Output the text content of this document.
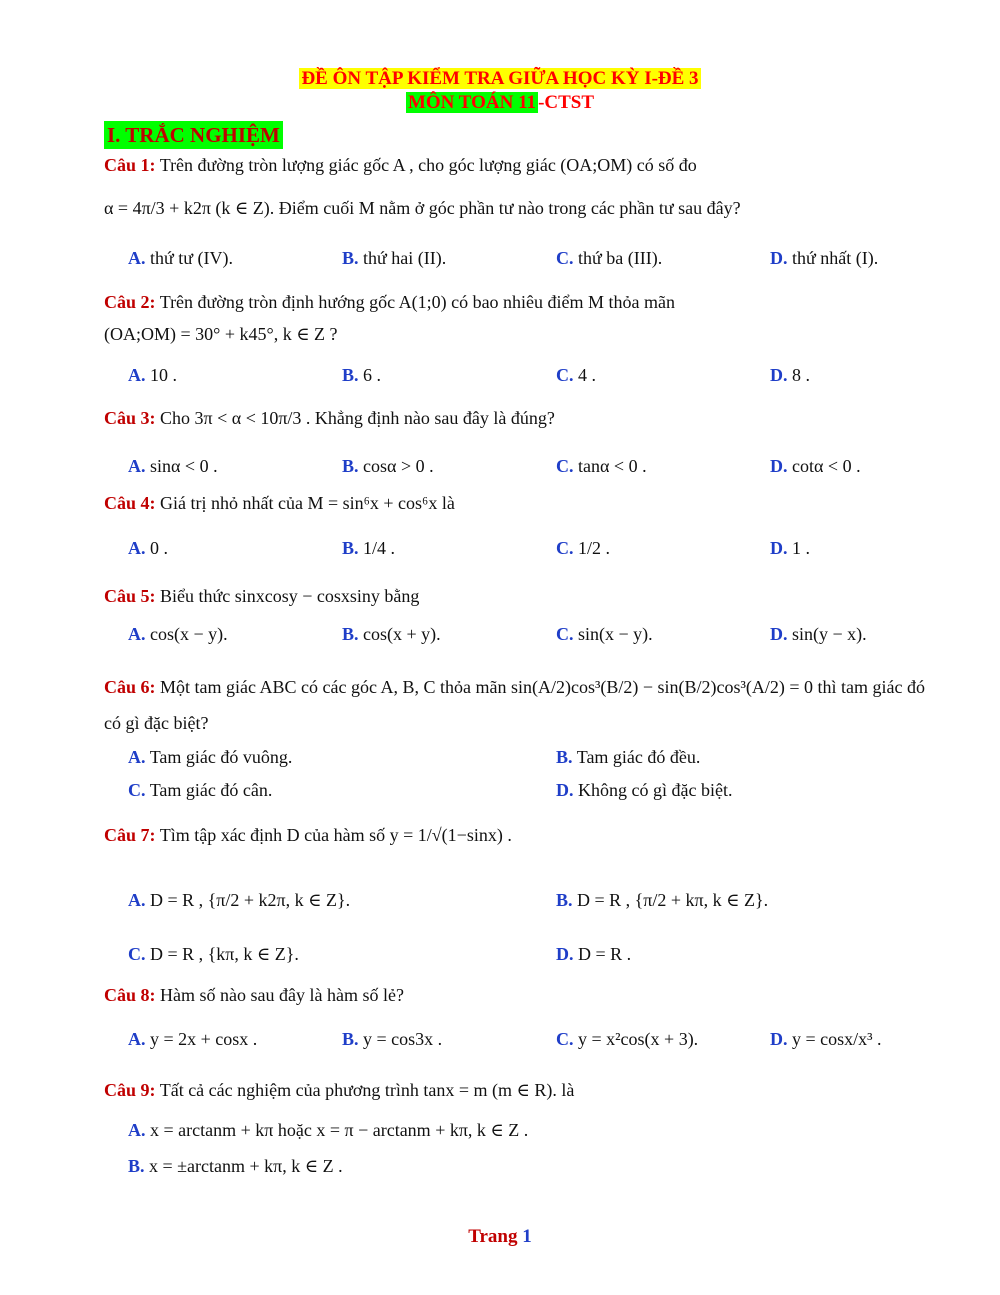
ĐỀ ÔN TẬP KIỂM TRA GIỮA HỌC KỲ I-ĐỀ 3
MÔN TOÁN 11 -CTST
I. TRẮC NGHIỆM
Câu 1: Trên đường tròn lượng giác gốc A , cho góc lượng giác (OA;OM) có số đo
α = 4π/3 + k2π (k ∈ Z). Điểm cuối M nằm ở góc phần tư nào trong các phần tư sau đây?
A. thứ tư (IV).	B. thứ hai (II).	C. thứ ba (III).	D. thứ nhất (I).
Câu 2: Trên đường tròn định hướng gốc A(1;0) có bao nhiêu điểm M thỏa mãn
(OA;OM) = 30° + k45°, k ∈ Z ?
A. 10 .	B. 6 .	C. 4 .	D. 8 .
Câu 3: Cho 3π < α < 10π/3 . Khẳng định nào sau đây là đúng?
A. sinα < 0 .	B. cosα > 0 .	C. tanα < 0 .	D. cotα < 0 .
Câu 4: Giá trị nhỏ nhất của M = sin⁶x + cos⁶x là
A. 0 .	B. 1/4 .	C. 1/2 .	D. 1 .
Câu 5: Biểu thức sinxcosy − cosxsiny bằng
A. cos(x − y).	B. cos(x + y).	C. sin(x − y).	D. sin(y − x).
Câu 6: Một tam giác ABC có các góc A, B, C thỏa mãn sin(A/2)cos³(B/2) − sin(B/2)cos³(A/2) = 0 thì tam giác đó
có gì đặc biệt?
A. Tam giác đó vuông.	B. Tam giác đó đều.
C. Tam giác đó cân.	D. Không có gì đặc biệt.
Câu 7: Tìm tập xác định D của hàm số y = 1/√(1−sinx) .
A. D = R , {π/2 + k2π, k ∈ Z}.	B. D = R , {π/2 + kπ, k ∈ Z}.
C. D = R , {kπ, k ∈ Z}.	D. D = R .
Câu 8: Hàm số nào sau đây là hàm số lẻ?
A. y = 2x + cosx .	B. y = cos3x .	C. y = x²cos(x + 3).	D. y = cosx/x³ .
Câu 9: Tất cả các nghiệm của phương trình tanx = m (m ∈ R). là
A. x = arctanm + kπ hoặc x = π − arctanm + kπ, k ∈ Z .
B. x = ±arctanm + kπ, k ∈ Z .
Trang 1
